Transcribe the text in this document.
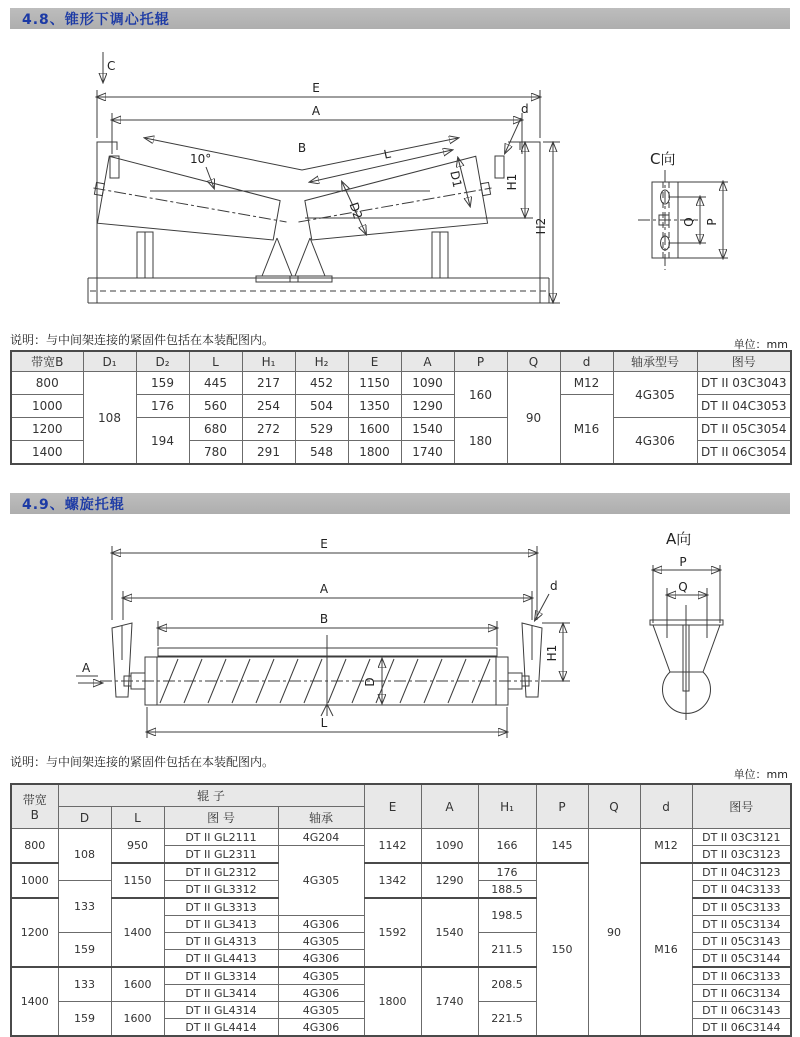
4.8、锥形下调心托辊
C
E
A	d
B
10°	L
D1
D2
H1
H2
C向
Q P
说明：与中间架连接的紧固件包括在本装配图内。	单位：mm
带宽B	D₁	D₂	L	H₁	H₂	E	A	P	Q	d	轴承型号	图号
800	108	159	445	217	452	1150	1090	160	90	M12	4G305	DT II 03C3043
1000		176	560	254	504	1350	1290			M16		DT II 04C3053
1200		194	680	272	529	1600	1540	180			4G306	DT II 05C3054
1400			780	291	548	1800	1740					DT II 06C3054
4.9、螺旋托辊
E
A	d
B
D
L
H1
A
A向
P
Q
说明：与中间架连接的紧固件包括在本装配图内。
单位：mm
带宽
B	辊 子				E	A	H₁	P	Q	d	图号
	D	L	图 号	轴承							
800	108	950	DT II GL2111	4G204	1142	1090	166	145	90	M12	DT II 03C3121
			DT II GL2311	4G305							DT II 03C3123
1000		1150	DT II GL2312		1342	1290	176	150		M16	DT II 04C3123
	133		DT II GL3312				188.5				DT II 04C3133
1200		1400	DT II GL3313		1592	1540	198.5				DT II 05C3133
			DT II GL3413	4G306							DT II 05C3134
	159		DT II GL4313	4G305			211.5				DT II 05C3143
			DT II GL4413	4G306							DT II 05C3144
1400	133	1600	DT II GL3314	4G305	1800	1740	208.5				DT II 06C3133
			DT II GL3414	4G306							DT II 06C3134
	159	1600	DT II GL4314	4G305			221.5				DT II 06C3143
			DT II GL4414	4G306							DT II 06C3144
